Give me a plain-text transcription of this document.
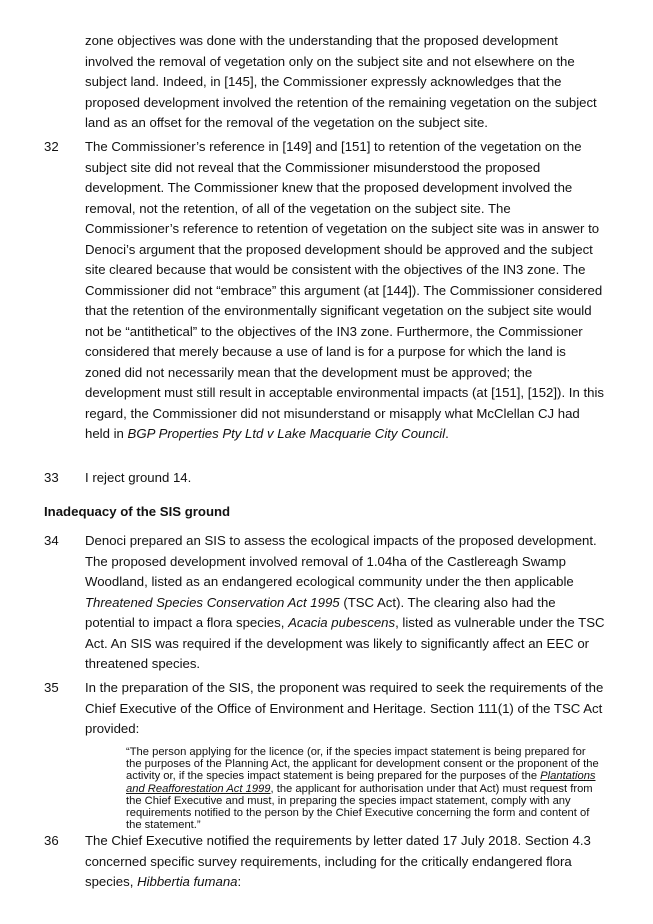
zone objectives was done with the understanding that the proposed development involved the removal of vegetation only on the subject site and not elsewhere on the subject land. Indeed, in [145], the Commissioner expressly acknowledges that the proposed development involved the retention of the remaining vegetation on the subject land as an offset for the removal of the vegetation on the subject site.
32 The Commissioner’s reference in [149] and [151] to retention of the vegetation on the subject site did not reveal that the Commissioner misunderstood the proposed development. The Commissioner knew that the proposed development involved the removal, not the retention, of all of the vegetation on the subject site. The Commissioner’s reference to retention of vegetation on the subject site was in answer to Denoci’s argument that the proposed development should be approved and the subject site cleared because that would be consistent with the objectives of the IN3 zone. The Commissioner did not “embrace” this argument (at [144]). The Commissioner considered that the retention of the environmentally significant vegetation on the subject site would not be “antithetical” to the objectives of the IN3 zone. Furthermore, the Commissioner considered that merely because a use of land is for a purpose for which the land is zoned did not necessarily mean that the development must be approved; the development must still result in acceptable environmental impacts (at [151], [152]). In this regard, the Commissioner did not misunderstand or misapply what McClellan CJ had held in BGP Properties Pty Ltd v Lake Macquarie City Council.
33 I reject ground 14.
Inadequacy of the SIS ground
34 Denoci prepared an SIS to assess the ecological impacts of the proposed development. The proposed development involved removal of 1.04ha of the Castlereagh Swamp Woodland, listed as an endangered ecological community under the then applicable Threatened Species Conservation Act 1995 (TSC Act). The clearing also had the potential to impact a flora species, Acacia pubescens, listed as vulnerable under the TSC Act. An SIS was required if the development was likely to significantly affect an EEC or threatened species.
35 In the preparation of the SIS, the proponent was required to seek the requirements of the Chief Executive of the Office of Environment and Heritage. Section 111(1) of the TSC Act provided:
“The person applying for the licence (or, if the species impact statement is being prepared for the purposes of the Planning Act, the applicant for development consent or the proponent of the activity or, if the species impact statement is being prepared for the purposes of the Plantations and Reafforestation Act 1999, the applicant for authorisation under that Act) must request from the Chief Executive and must, in preparing the species impact statement, comply with any requirements notified to the person by the Chief Executive concerning the form and content of the statement.”
36 The Chief Executive notified the requirements by letter dated 17 July 2018. Section 4.3 concerned specific survey requirements, including for the critically endangered flora species, Hibbertia fumana:
